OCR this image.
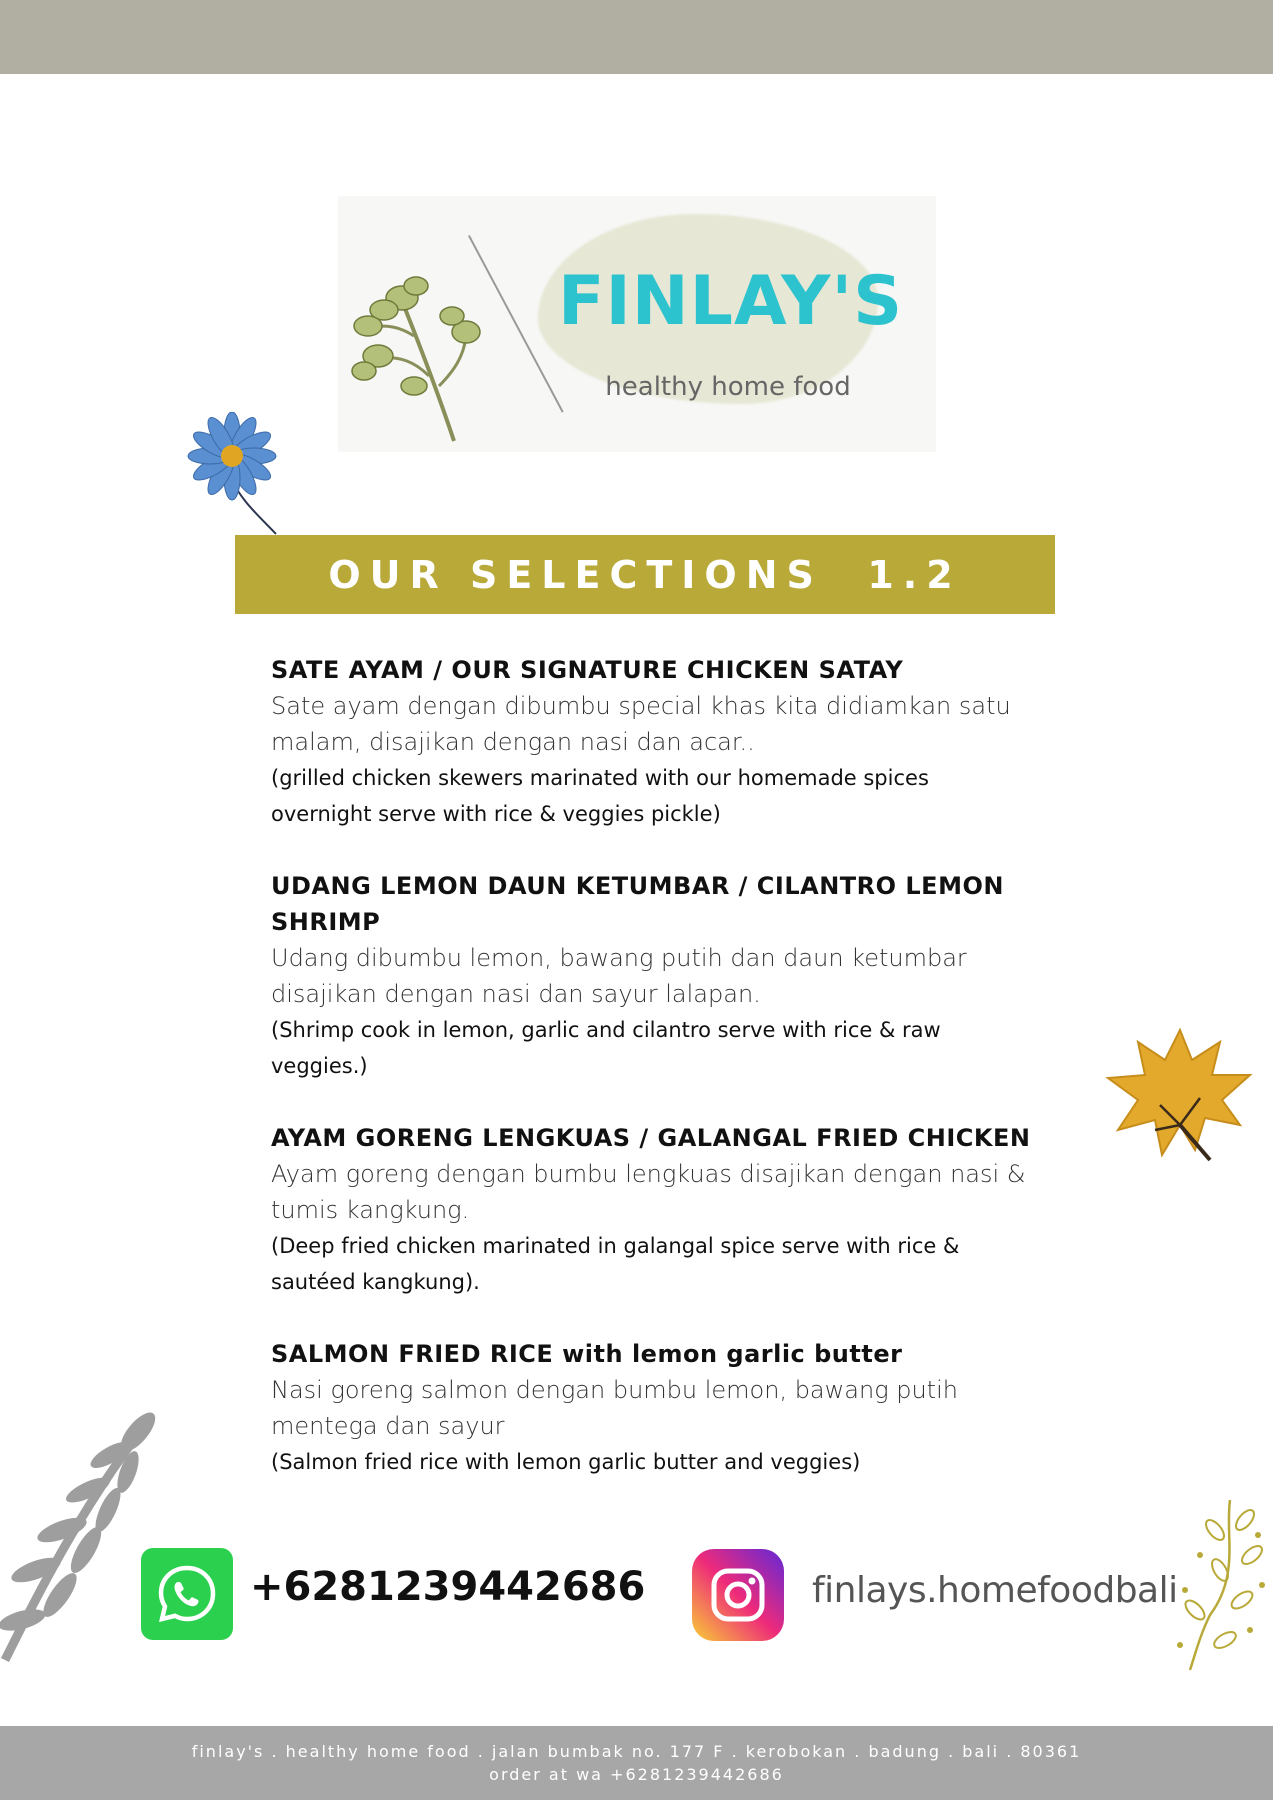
FINLAY'S
healthy home food
OUR SELECTIONS  1.2
SATE AYAM / OUR SIGNATURE CHICKEN SATAY
Sate ayam dengan dibumbu special khas kita didiamkan satu malam, disajikan dengan nasi dan acar..
(grilled chicken skewers marinated with our homemade spices overnight serve with rice & veggies pickle)
UDANG LEMON DAUN KETUMBAR / CILANTRO LEMON SHRIMP
Udang dibumbu lemon, bawang putih dan daun ketumbar disajikan dengan nasi dan sayur lalapan.
(Shrimp cook in lemon, garlic and cilantro serve with rice & raw veggies.)
AYAM GORENG LENGKUAS / GALANGAL FRIED CHICKEN
Ayam goreng dengan bumbu lengkuas disajikan dengan nasi & tumis kangkung.
(Deep fried chicken marinated in galangal spice serve with rice & sautéed kangkung).
SALMON FRIED RICE with lemon garlic butter
Nasi goreng salmon dengan bumbu lemon, bawang putih mentega dan sayur
(Salmon fried rice with lemon garlic butter and veggies)
+6281239442686	finlays.homefoodbali
finlay's . healthy home food . jalan bumbak no. 177 F . kerobokan . badung . bali . 80361
order at wa +6281239442686
